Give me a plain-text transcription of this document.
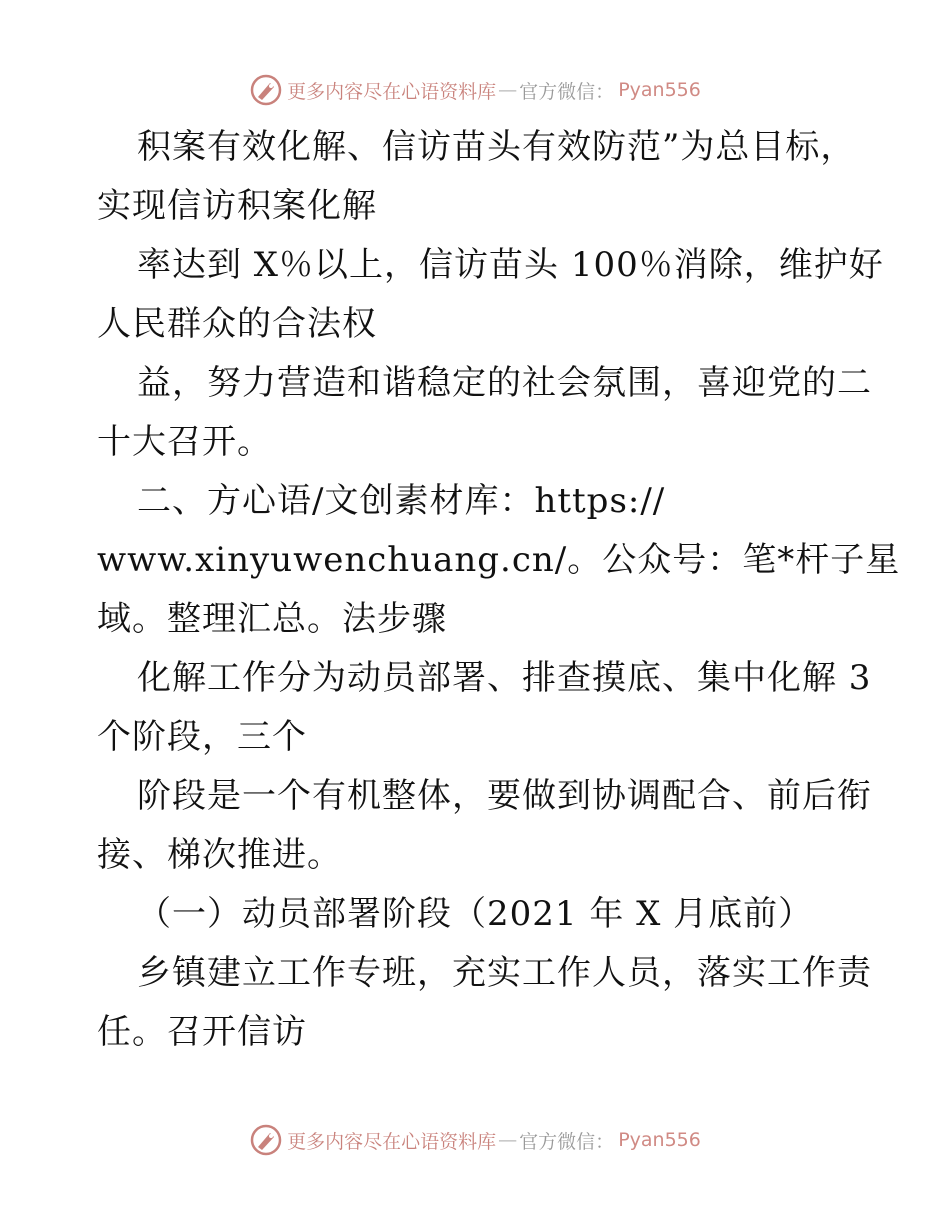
更多内容尽在心语资料库 — 官方微信： Pyan556
积案有效化解、信访苗头有效防范”为总目标，
实现信访积案化解
率达到 X％以上，信访苗头 100％消除，维护好
人民群众的合法权
益，努力营造和谐稳定的社会氛围，喜迎党的二
十大召开。
二、方心语/文创素材库：https://
www.xinyuwenchuang.cn/。公众号：笔*杆子星
域。整理汇总。法步骤
化解工作分为动员部署、排查摸底、集中化解 3
个阶段，三个
阶段是一个有机整体，要做到协调配合、前后衔
接、梯次推进。
（一）动员部署阶段（2021 年 X 月底前）
乡镇建立工作专班，充实工作人员，落实工作责
任。召开信访
更多内容尽在心语资料库 — 官方微信： Pyan556
